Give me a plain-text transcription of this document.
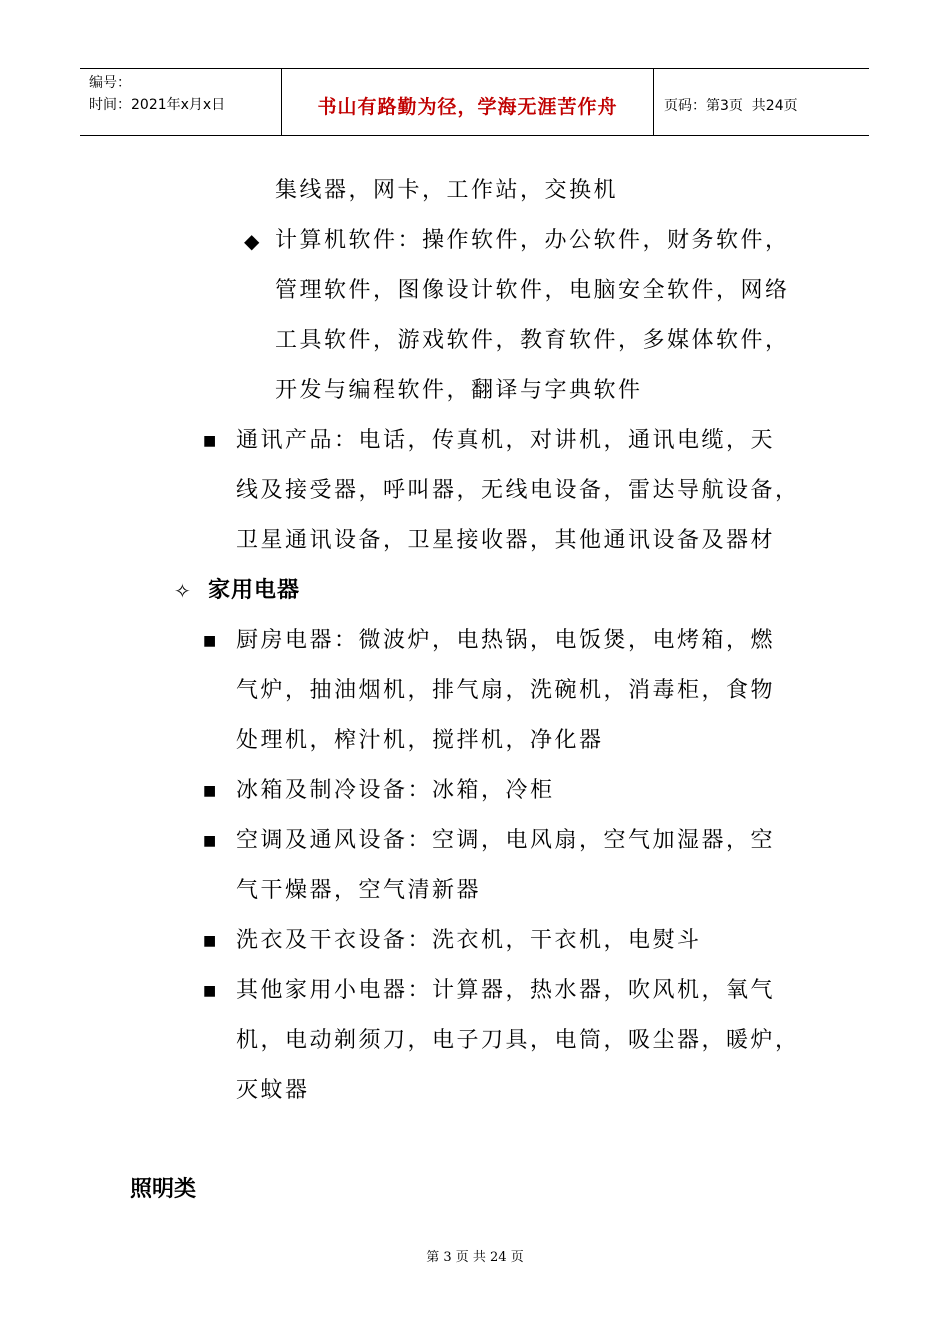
编号：
时间：2021年x月x日	书山有路勤为径，学海无涯苦作舟	页码：第3页  共24页
集线器，网卡，工作站，交换机
◆ 计算机软件：操作软件，办公软件，财务软件，
管理软件，图像设计软件，电脑安全软件，网络
工具软件，游戏软件，教育软件，多媒体软件，
开发与编程软件，翻译与字典软件
■ 通讯产品：电话，传真机，对讲机，通讯电缆，天
线及接受器，呼叫器，无线电设备，雷达导航设备，
卫星通讯设备，卫星接收器，其他通讯设备及器材
✧ 家用电器
■ 厨房电器：微波炉，电热锅，电饭煲，电烤箱，燃
气炉，抽油烟机，排气扇，洗碗机，消毒柜，食物
处理机，榨汁机，搅拌机，净化器
■ 冰箱及制冷设备：冰箱，冷柜
■ 空调及通风设备：空调，电风扇，空气加湿器，空
气干燥器，空气清新器
■ 洗衣及干衣设备：洗衣机，干衣机，电熨斗
■ 其他家用小电器：计算器，热水器，吹风机，氧气
机，电动剃须刀，电子刀具，电筒，吸尘器，暖炉，
灭蚊器
照明类
第 3 页 共 24 页
